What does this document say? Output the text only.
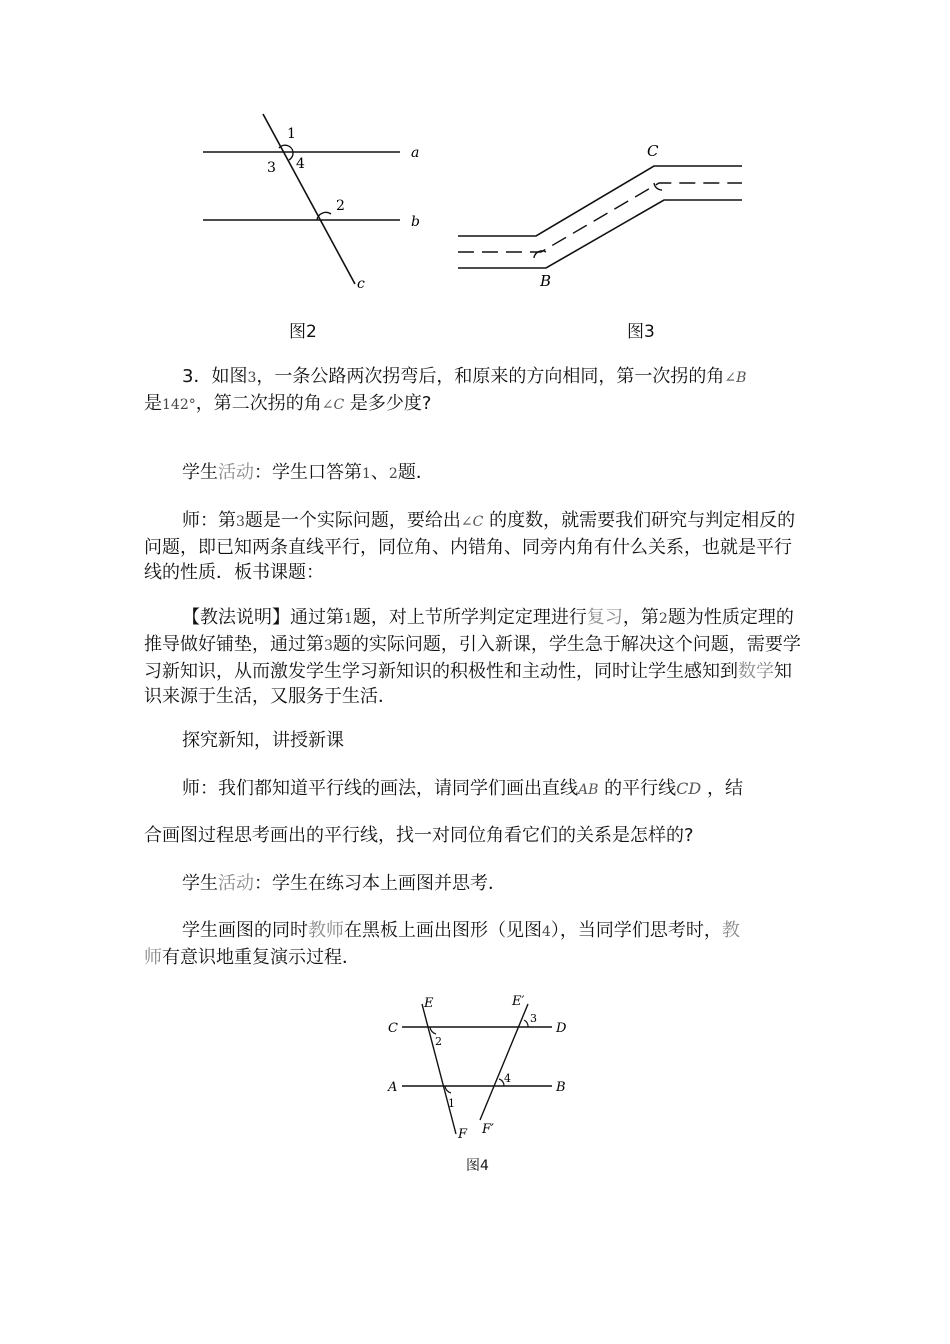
a
b
c
1
2
3 4
图2
C
B
图3

3．如图3，一条公路两次拐弯后，和原来的方向相同，第一次拐的角∠B
是142°，第二次拐的角∠C 是多少度?

学生活动：学生口答第1、2题．

师：第3题是一个实际问题，要给出∠C 的度数，就需要我们研究与判定相反的问题，即已知两条直线平行，同位角、内错角、同旁内角有什么关系，也就是平行线的性质．板书课题：

【教法说明】通过第1题，对上节所学判定定理进行复习，第2题为性质定理的推导做好铺垫，通过第3题的实际问题，引入新课，学生急于解决这个问题，需要学习新知识，从而激发学生学习新知识的积极性和主动性，同时让学生感知到数学知识来源于生活，又服务于生活．

探究新知，讲授新课

师：我们都知道平行线的画法，请同学们画出直线AB 的平行线CD ，结

合画图过程思考画出的平行线，找一对同位角看它们的关系是怎样的?

学生活动：学生在练习本上画图并思考．

学生画图的同时教师在黑板上画出图形（见图4），当同学们思考时，教
师有意识地重复演示过程．

E	E′
C	D
A	B
F F′
1
2
3
4
图4
